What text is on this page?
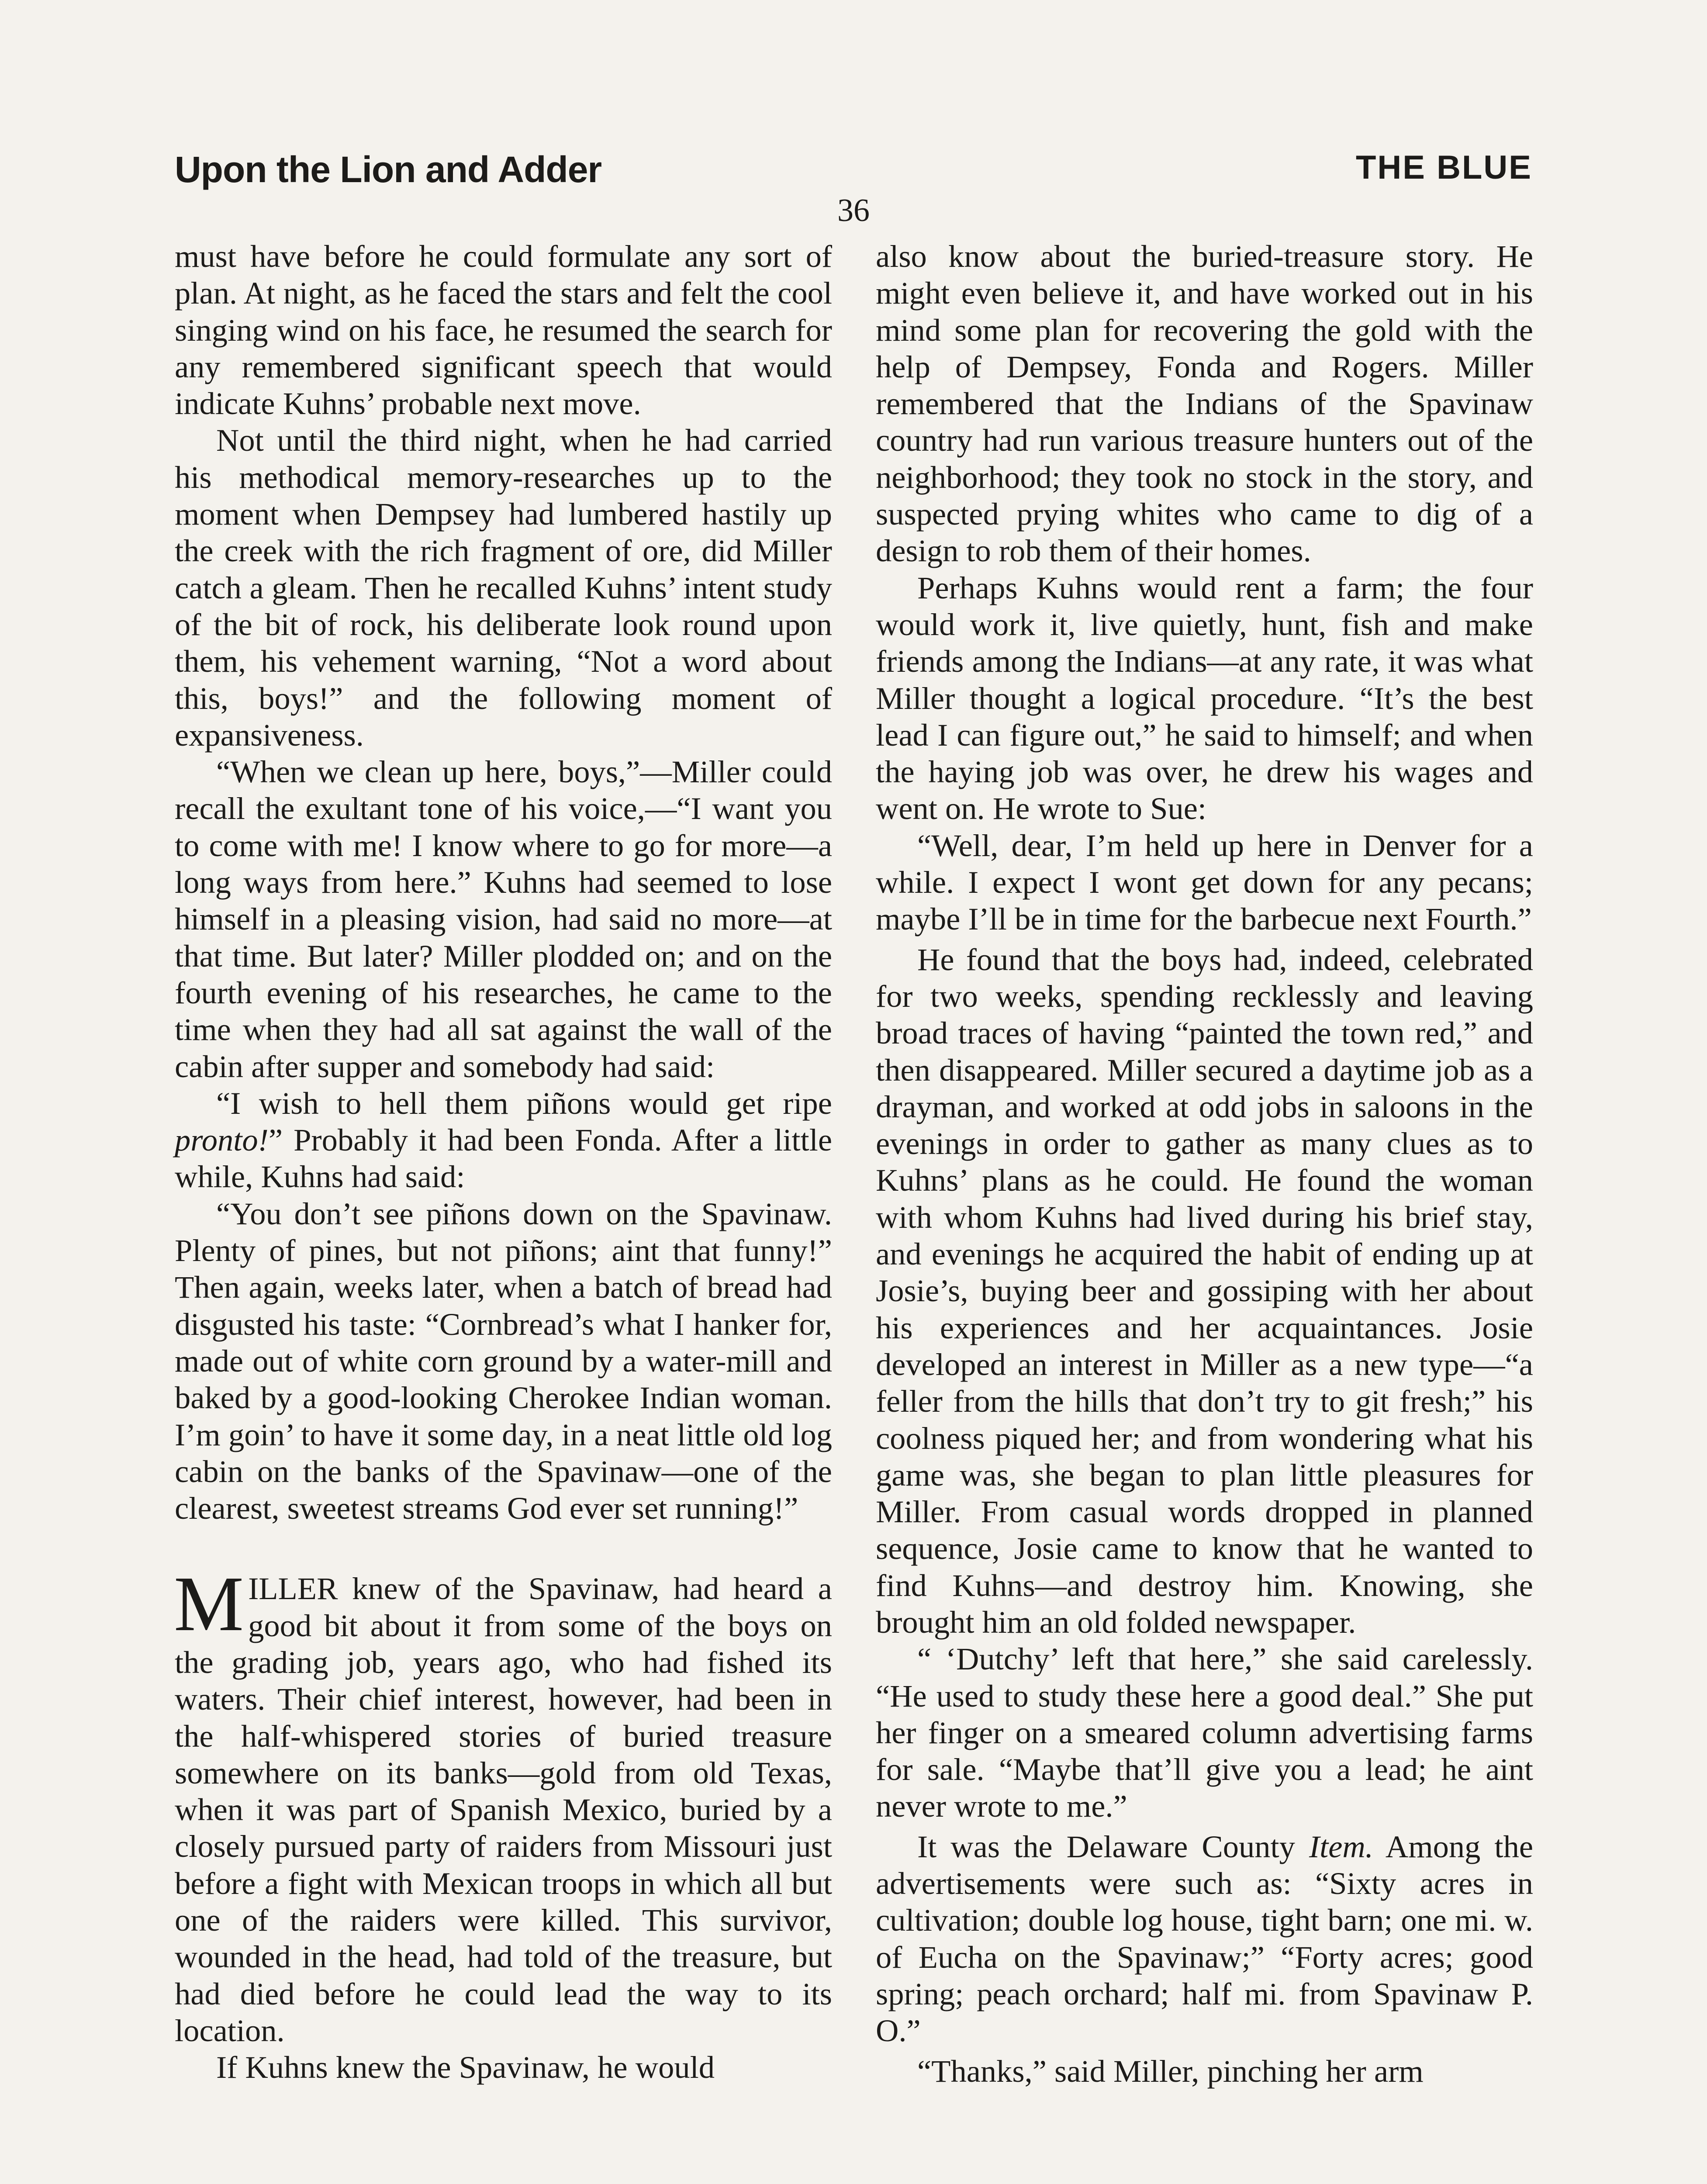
Upon the Lion and Adder	THE BLUE
36

must have before he could formulate any sort of plan. At night, as he faced the stars and felt the cool singing wind on his face, he resumed the search for any remembered significant speech that would indicate Kuhns’ probable next move.

Not until the third night, when he had carried his methodical memory-researches up to the moment when Dempsey had lumbered hastily up the creek with the rich fragment of ore, did Miller catch a gleam. Then he recalled Kuhns’ intent study of the bit of rock, his deliberate look round upon them, his vehement warning, “Not a word about this, boys!” and the following moment of expansiveness.

“When we clean up here, boys,”—Miller could recall the exultant tone of his voice,—“I want you to come with me! I know where to go for more—a long ways from here.” Kuhns had seemed to lose himself in a pleasing vision, had said no more—at that time. But later? Miller plodded on; and on the fourth evening of his researches, he came to the time when they had all sat against the wall of the cabin after supper and somebody had said:

“I wish to hell them piñons would get ripe pronto!” Probably it had been Fonda. After a little while, Kuhns had said:

“You don’t see piñons down on the Spavinaw. Plenty of pines, but not piñons; aint that funny!” Then again, weeks later, when a batch of bread had disgusted his taste: “Cornbread’s what I hanker for, made out of white corn ground by a water-mill and baked by a good-looking Cherokee Indian woman. I’m goin’ to have it some day, in a neat little old log cabin on the banks of the Spavinaw—one of the clearest, sweetest streams God ever set running!”

MILLER knew of the Spavinaw, had heard a good bit about it from some of the boys on the grading job, years ago, who had fished its waters. Their chief interest, however, had been in the half-whispered stories of buried treasure somewhere on its banks—gold from old Texas, when it was part of Spanish Mexico, buried by a closely pursued party of raiders from Missouri just before a fight with Mexican troops in which all but one of the raiders were killed. This survivor, wounded in the head, had told of the treasure, but had died before he could lead the way to its location.

If Kuhns knew the Spavinaw, he would

also know about the buried-treasure story. He might even believe it, and have worked out in his mind some plan for recovering the gold with the help of Dempsey, Fonda and Rogers. Miller remembered that the Indians of the Spavinaw country had run various treasure hunters out of the neighborhood; they took no stock in the story, and suspected prying whites who came to dig of a design to rob them of their homes.

Perhaps Kuhns would rent a farm; the four would work it, live quietly, hunt, fish and make friends among the Indians—at any rate, it was what Miller thought a logical procedure. “It’s the best lead I can figure out,” he said to himself; and when the haying job was over, he drew his wages and went on. He wrote to Sue:

“Well, dear, I’m held up here in Denver for a while. I expect I wont get down for any pecans; maybe I’ll be in time for the barbecue next Fourth.”

He found that the boys had, indeed, celebrated for two weeks, spending recklessly and leaving broad traces of having “painted the town red,” and then disappeared. Miller secured a daytime job as a drayman, and worked at odd jobs in saloons in the evenings in order to gather as many clues as to Kuhns’ plans as he could. He found the woman with whom Kuhns had lived during his brief stay, and evenings he acquired the habit of ending up at Josie’s, buying beer and gossiping with her about his experiences and her acquaintances. Josie developed an interest in Miller as a new type—“a feller from the hills that don’t try to git fresh;” his coolness piqued her; and from wondering what his game was, she began to plan little pleasures for Miller. From casual words dropped in planned sequence, Josie came to know that he wanted to find Kuhns—and destroy him. Knowing, she brought him an old folded newspaper.

“ ‘Dutchy’ left that here,” she said carelessly. “He used to study these here a good deal.” She put her finger on a smeared column advertising farms for sale. “Maybe that’ll give you a lead; he aint never wrote to me.”

It was the Delaware County Item. Among the advertisements were such as: “Sixty acres in cultivation; double log house, tight barn; one mi. w. of Eucha on the Spavinaw;” “Forty acres; good spring; peach orchard; half mi. from Spavinaw P. O.”

“Thanks,” said Miller, pinching her arm
